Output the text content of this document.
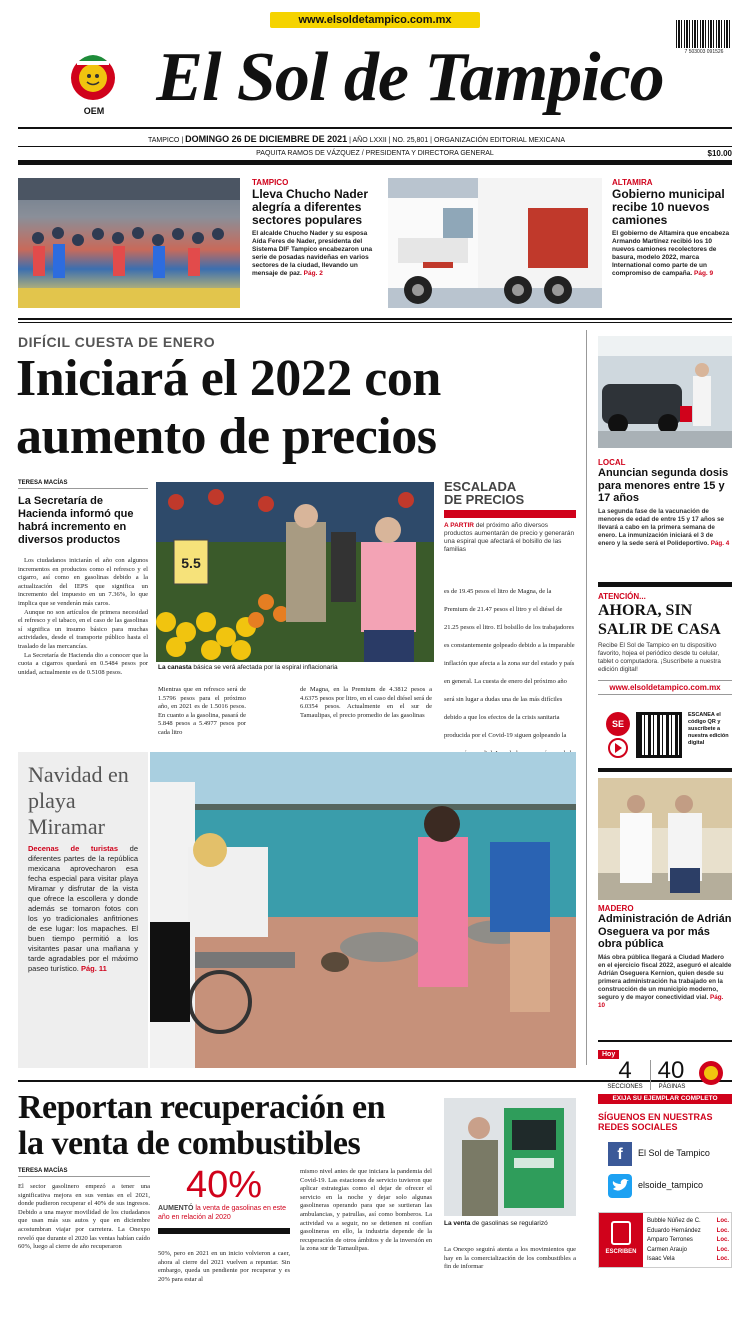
www.elsoldetampico.com.mx
7 503003 091526
OEM El Sol de Tampico
TAMPICO | DOMINGO 26 DE DICIEMBRE DE 2021 | AÑO LXXII | NO. 25,801 | ORGANIZACIÓN EDITORIAL MEXICANA
PAQUITA RAMOS DE VÁZQUEZ / PRESIDENTA Y DIRECTORA GENERAL	$10.00
TAMPICO
Lleva Chucho Nader alegría a diferentes sectores populares
El alcalde Chucho Nader y su esposa Aída Feres de Nader, presidenta del Sistema DIF Tampico encabezaron una serie de posadas navideñas en varios sectores de la ciudad, llevando un mensaje de paz. Pág. 2
ALTAMIRA
Gobierno municipal recibe 10 nuevos camiones
El gobierno de Altamira que encabeza Armando Martínez recibió los 10 nuevos camiones recolectores de basura, modelo 2022, marca International como parte de un compromiso de campaña. Pág. 9
DIFÍCIL CUESTA DE ENERO
Iniciará el 2022 con
aumento de precios
TERESA MACÍAS
La Secretaría de Hacienda informó que habrá incremento en diversos productos
Los ciudadanos iniciarán el año con algunos incrementos en productos como el refresco y el cigarro, así como en gasolinas debido a la actualización del IEPS que significa un incremento del impuesto en un 7.36%, lo que implica que se venderán más caros.
Aunque no son artículos de primera necesidad el refresco y el tabaco, en el caso de las gasolinas sí significa un insumo básico para muchas actividades, desde el transporte público hasta el traslado de las mercancías.
La Secretaría de Hacienda dio a conocer que la cuota a cigarros quedará en 0.5484 pesos por unidad, actualmente es de 0.5108 pesos.
5.5
La canasta básica se verá afectada por la espiral inflacionaria
ESCALADA
DE PRECIOS
A PARTIR del próximo año diversos productos aumentarán de precio y generarán una espiral que afectará el bolsillo de las familias
Mientras que en refresco será de 1.5796 pesos para el próximo año, en 2021 es de 1.5016 pesos. En cuanto a la gasolina, pasará de 5.848 pesos a 5.4977 pesos por cada litro
de Magna, en la Premium de 4.3812 pesos a 4.6375 pesos por litro, en el caso del diésel será de 6.0354 pesos. Actualmente en el sur de Tamaulipas, el precio promedio de las gasolinas
es de 19.45 pesos el litro de Magna, de la Premium de 21.47 pesos el litro y el diésel de 21.25 pesos el litro. El bolsillo de los trabajadores es constantemente golpeado debido a la imparable inflación que afecta a la zona sur del estado y país en general. La cuesta de enero del próximo año será sin lugar a dudas una de las más difíciles debido a que los efectos de la crisis sanitaria producida por el Covid-19 siguen golpeando la
Navidad en playa Miramar
Decenas de turistas de diferentes partes de la república mexicana aprovecharon esa fecha especial para visitar playa Miramar y disfrutar de la vista que ofrece la escollera y donde además se tomaron fotos con los yo tradicionales anfitriones de ese lugar: los mapaches. El buen tiempo permitió a los visitantes pasar una mañana y tarde agradables por el máximo paseo turístico. Pág. 11
Reportan recuperación en
la venta de combustibles
TERESA MACÍAS
El sector gasolinero empezó a tener una significativa mejora en sus ventas en el 2021, donde pudieron recuperar el 40% de sus ingresos. Debido a una mayor movilidad de los ciudadanos que usan más sus autos y que en diciembre acostumbran viajar por carretera. La Onexpo reveló que durante el 2020 las ventas habían caído 60%, luego al cierre de año recuperaron
40%
AUMENTÓ la venta de gasolinas en este año en relación al 2020
50%, pero en 2021 en un inicio volvieron a caer, ahora al cierre del 2021 vuelven a repuntar. Sin embargo, queda un pendiente por recuperar y es 20% para estar al
mismo nivel antes de que iniciara la pandemia del Covid-19. Las estaciones de servicio tuvieron que aplicar estrategias como el dejar de ofrecer el servicio en la noche y dejar solo algunas gasolineras operando para que se surtieran las ambulancias, y patrullas, así como bomberos. La actividad va a seguir, no se detienen ni confían gasolineras en ello, la industria depende de la recuperación de otros ámbitos y de la inversión en la zona sur de Tamaulipas.
La venta de gasolinas se regularizó
La Onexpo seguirá atenta a los movimientos que hay en la comercialización de los combustibles a fin de informar
LOCAL
Anuncian segunda dosis para menores entre 15 y 17 años
La segunda fase de la vacunación de menores de edad de entre 15 y 17 años se llevará a cabo en la primera semana de enero. La inmunización iniciará el 3 de enero y la sede será el Polideportivo. Pág. 4
ATENCIÓN...
AHORA, SIN
SALIR DE CASA
Recibe El Sol de Tampico en tu dispositivo favorito, hojea el periódico desde tu celular, tablet o computadora. ¡Suscríbete a nuestra edición digital!
www.elsoldetampico.com.mx
SE
ESCANEA el código QR y suscríbete a nuestra edición digital
MADERO
Administración de Adrián Oseguera va por más obra pública
Más obra pública llegará a Ciudad Madero en el ejercicio fiscal 2022, aseguró el alcalde Adrián Oseguera Kernion, quien desde su primera administración ha trabajado en la construcción de un municipio moderno, seguro y de mayor conectividad vial. Pág. 10
Hoy
4
SECCIONES
40
PÁGINAS
EXIJA SU EJEMPLAR COMPLETO
SÍGUENOS EN NUESTRAS REDES SOCIALES
f	El Sol de Tampico
elsoide_tampico
ESCRIBEN
Bubble Núñez de C.	Loc.
Eduardo Hernández	Loc.
Amparo Terrones	Loc.
Carmen Araujo	Loc.
Isaac Vela	Loc.
